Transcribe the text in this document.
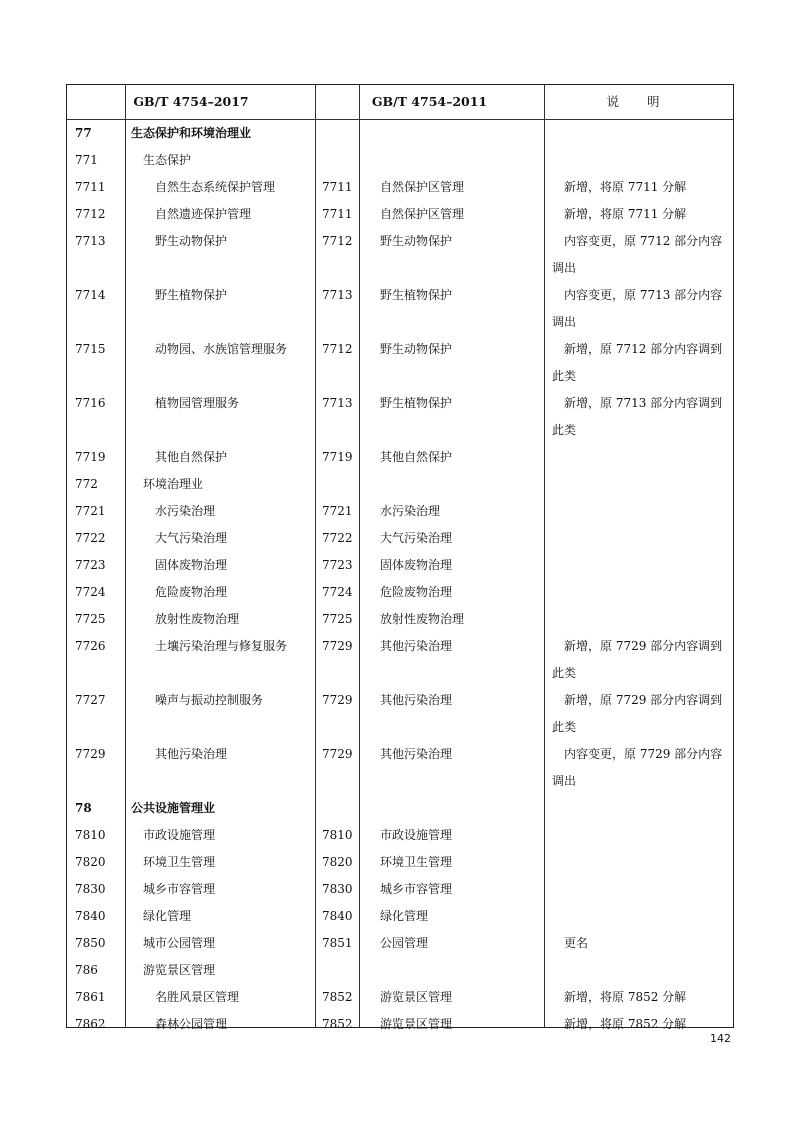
GB/T 4754–2017	GB/T 4754–2011	说 明
77	生态保护和环境治理业
771	生态保护
7711	自然生态系统保护管理	7711 自然保护区管理	新增，将原 7711 分解
7712	自然遗迹保护管理	7711 自然保护区管理	新增，将原 7711 分解
7713	野生动物保护	7712 野生动物保护	内容变更，原 7712 部分内容调出
7714	野生植物保护	7713 野生植物保护	内容变更，原 7713 部分内容调出
7715	动物园、水族馆管理服务	7712 野生动物保护	新增，原 7712 部分内容调到此类
7716	植物园管理服务	7713 野生植物保护	新增，原 7713 部分内容调到此类
7719	其他自然保护	7719 其他自然保护
772	环境治理业
7721	水污染治理	7721 水污染治理
7722	大气污染治理	7722 大气污染治理
7723	固体废物治理	7723 固体废物治理
7724	危险废物治理	7724 危险废物治理
7725	放射性废物治理	7725 放射性废物治理
7726	土壤污染治理与修复服务	7729 其他污染治理	新增，原 7729 部分内容调到此类
7727	噪声与振动控制服务	7729 其他污染治理	新增，原 7729 部分内容调到此类
7729	其他污染治理	7729 其他污染治理	内容变更，原 7729 部分内容调出
78	公共设施管理业
7810	市政设施管理	7810 市政设施管理
7820	环境卫生管理	7820 环境卫生管理
7830	城乡市容管理	7830 城乡市容管理
7840	绿化管理	7840 绿化管理
7850	城市公园管理	7851 公园管理	更名
786	游览景区管理
7861	名胜风景区管理	7852 游览景区管理	新增，将原 7852 分解
7862	森林公园管理	7852 游览景区管理	新增，将原 7852 分解
142
